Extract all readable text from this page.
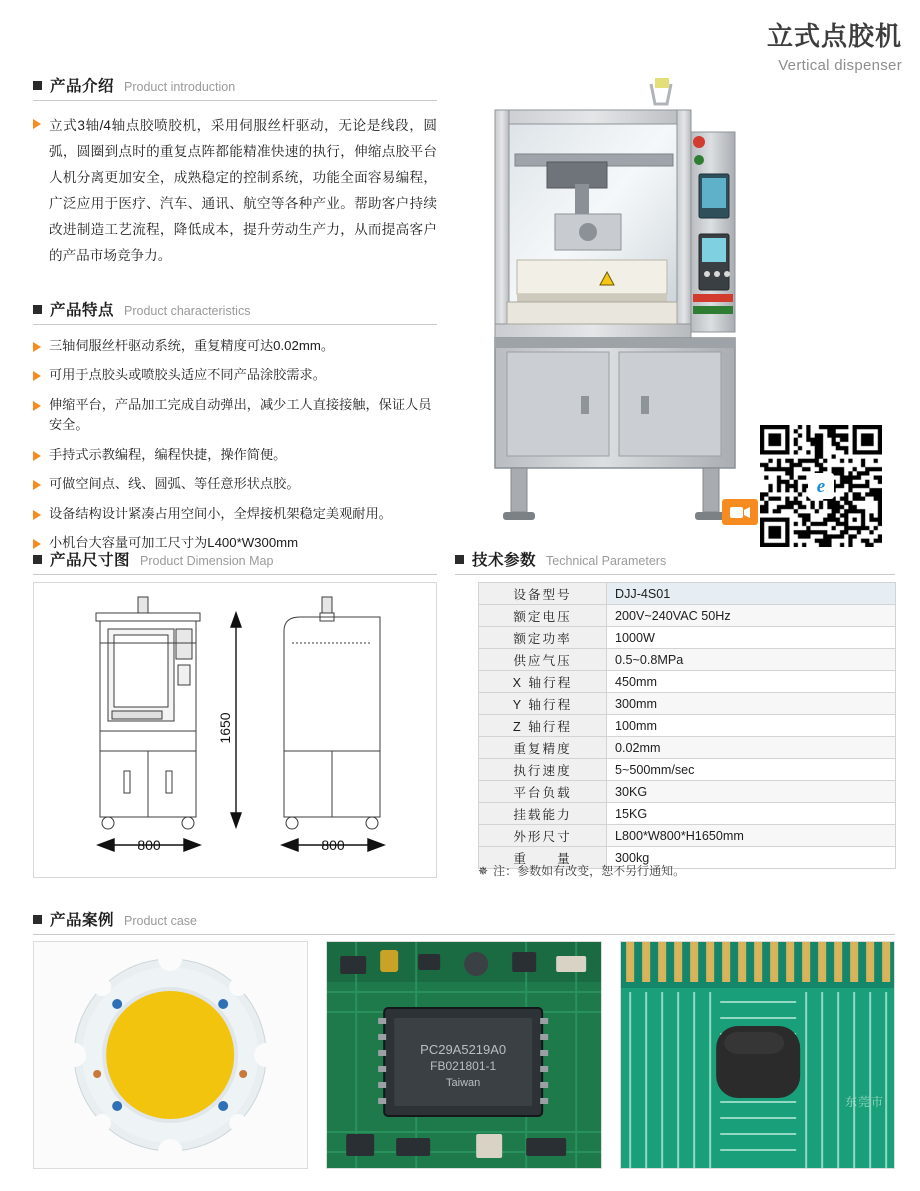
立式点胶机
Vertical dispenser
产品介绍 Product introduction
立式3轴/4轴点胶喷胶机，采用伺服丝杆驱动，无论是线段，圆弧，圆圈到点时的重复点阵都能精准快速的执行，伸缩点胶平台人机分离更加安全，成熟稳定的控制系统，功能全面容易编程，广泛应用于医疗、汽车、通讯、航空等各种产业。帮助客户持续改进制造工艺流程，降低成本，提升劳动生产力，从而提高客户的产品市场竞争力。
产品特点 Product characteristics
三轴伺服丝杆驱动系统，重复精度可达0.02mm。
可用于点胶头或喷胶头适应不同产品涂胶需求。
伸缩平台，产品加工完成自动弹出，减少工人直接接触，保证人员安全。
手持式示教编程，编程快捷，操作简便。
可做空间点、线、圆弧、等任意形状点胶。
设备结构设计紧凑占用空间小，全焊接机架稳定美观耐用。
小机台大容量可加工尺寸为L400*W300mm
e
产品尺寸图 Product Dimension Map
1650
800	800
技术参数 Technical Parameters
设备型号	DJJ-4S01
额定电压	200V~240VAC 50Hz
额定功率	1000W
供应气压	0.5~0.8MPa
X 轴行程	450mm
Y 轴行程	300mm
Z 轴行程	100mm
重复精度	0.02mm
执行速度	5~500mm/sec
平台负载	30KG
挂载能力	15KG
外形尺寸	L800*W800*H1650mm
重　　量	300kg
✵ 注：参数如有改变，恕不另行通知。
产品案例 Product case
PC29A5219A0
FB021801-1
Taiwan
东莞市
